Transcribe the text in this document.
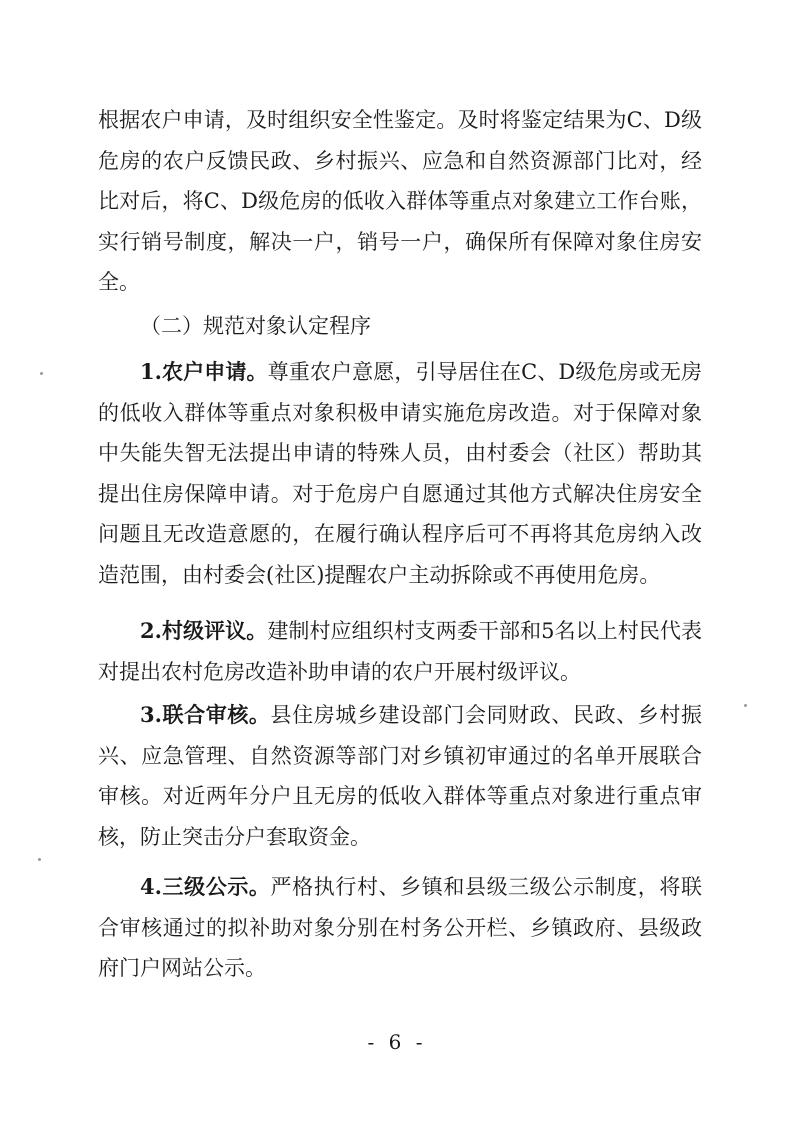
根据农户申请，及时组织安全性鉴定。及时将鉴定结果为C、D级危房的农户反馈民政、乡村振兴、应急和自然资源部门比对，经比对后，将C、D级危房的低收入群体等重点对象建立工作台账，实行销号制度，解决一户，销号一户，确保所有保障对象住房安全。

（二）规范对象认定程序

1.农户申请。尊重农户意愿，引导居住在C、D级危房或无房的低收入群体等重点对象积极申请实施危房改造。对于保障对象中失能失智无法提出申请的特殊人员，由村委会（社区）帮助其提出住房保障申请。对于危房户自愿通过其他方式解决住房安全问题且无改造意愿的，在履行确认程序后可不再将其危房纳入改造范围，由村委会(社区)提醒农户主动拆除或不再使用危房。

2.村级评议。建制村应组织村支两委干部和5名以上村民代表对提出农村危房改造补助申请的农户开展村级评议。

3.联合审核。县住房城乡建设部门会同财政、民政、乡村振兴、应急管理、自然资源等部门对乡镇初审通过的名单开展联合审核。对近两年分户且无房的低收入群体等重点对象进行重点审核，防止突击分户套取资金。

4.三级公示。严格执行村、乡镇和县级三级公示制度，将联合审核通过的拟补助对象分别在村务公开栏、乡镇政府、县级政府门户网站公示。

- 6 -
